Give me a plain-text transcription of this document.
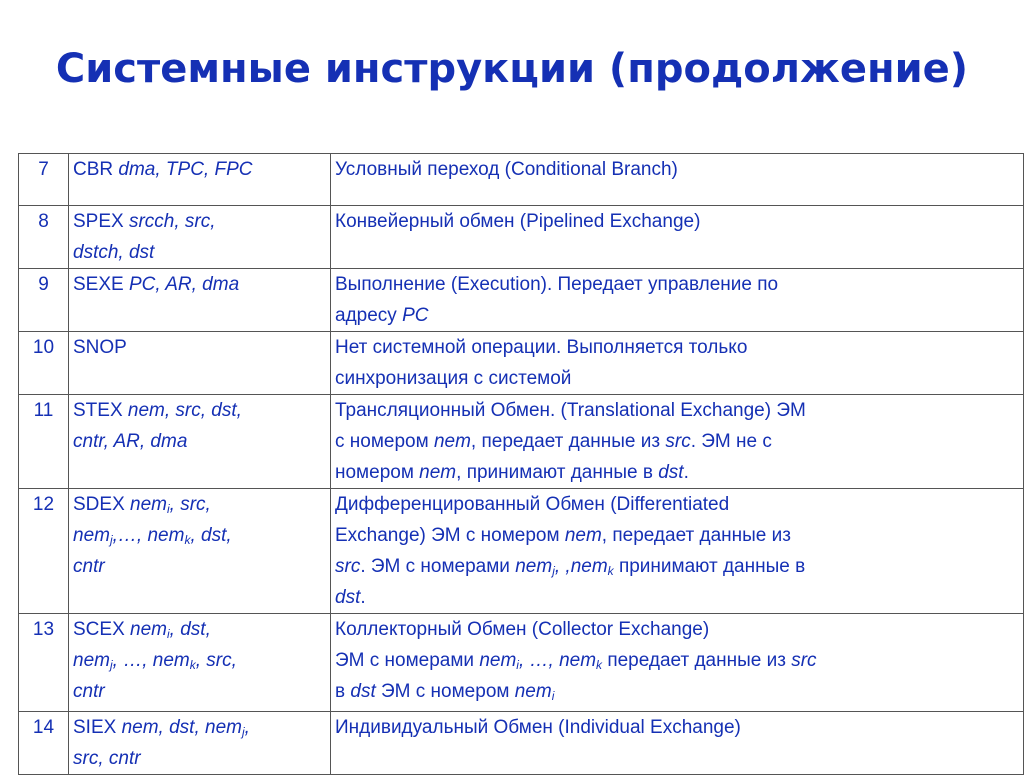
Системные инструкции (продолжение)
7	CBR dma, TPC, FPC	Условный переход (Conditional Branch)
8	SPEX srcch, src,
dstch, dst	Конвейерный обмен (Pipelined Exchange)
9	SEXE PC, AR, dma	Выполнение (Execution). Передает управление по
адресу PC
10	SNOP	Нет системной операции. Выполняется только
синхронизация с системой
11	STEX nem, src, dst,
cntr, AR, dma	Трансляционный Обмен. (Translational Exchange) ЭМ
с номером nem, передает данные из src. ЭМ не с
номером nem, принимают данные в dst.
12	SDEX nem$_i$, src,
nem$_j$,…, nem$_k$, dst,
cntr	Дифференцированный Обмен (Differentiated
Exchange) ЭМ с номером nem, передает данные из
src. ЭМ с номерами nem$_j$, ,nem$_k$ принимают данные в
dst.
13	SCEX nem$_i$, dst,
nem$_j$, …, nem$_k$, src,
cntr	Коллекторный Обмен (Collector Exchange)
ЭМ с номерами nem$_i$, …, nem$_k$ передает данные из src
в dst ЭМ с номером nem$_i$
14	SIEX nem, dst, nem$_j$,
src, cntr	Индивидуальный Обмен (Individual Exchange)
